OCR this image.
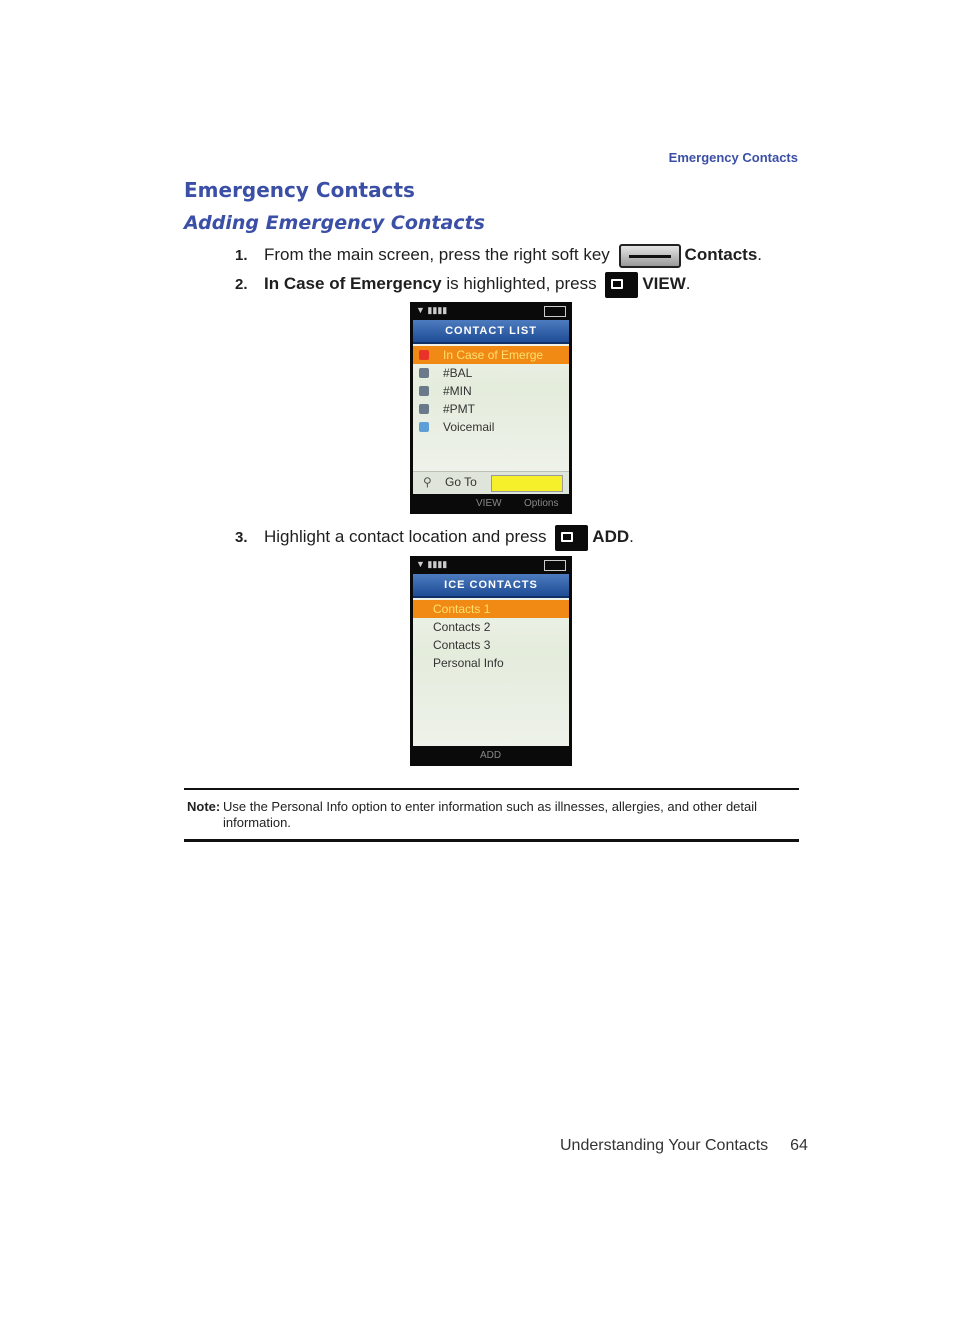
Emergency Contacts
Emergency Contacts
Adding Emergency Contacts
1. From the main screen, press the right soft key	Contacts.
2. In Case of Emergency is highlighted, press	VIEW.
▼ ▮▮▮▮
CONTACT LIST
In Case of Emerge
#BAL
#MIN
#PMT
Voicemail
⚲ Go To
VIEW Options
3. Highlight a contact location and press	ADD.
▼ ▮▮▮▮
ICE CONTACTS
Contacts 1
Contacts 2
Contacts 3
Personal Info
ADD
Note: Use the Personal Info option to enter information such as illnesses, allergies, and other detail information.
Understanding Your Contacts 64
